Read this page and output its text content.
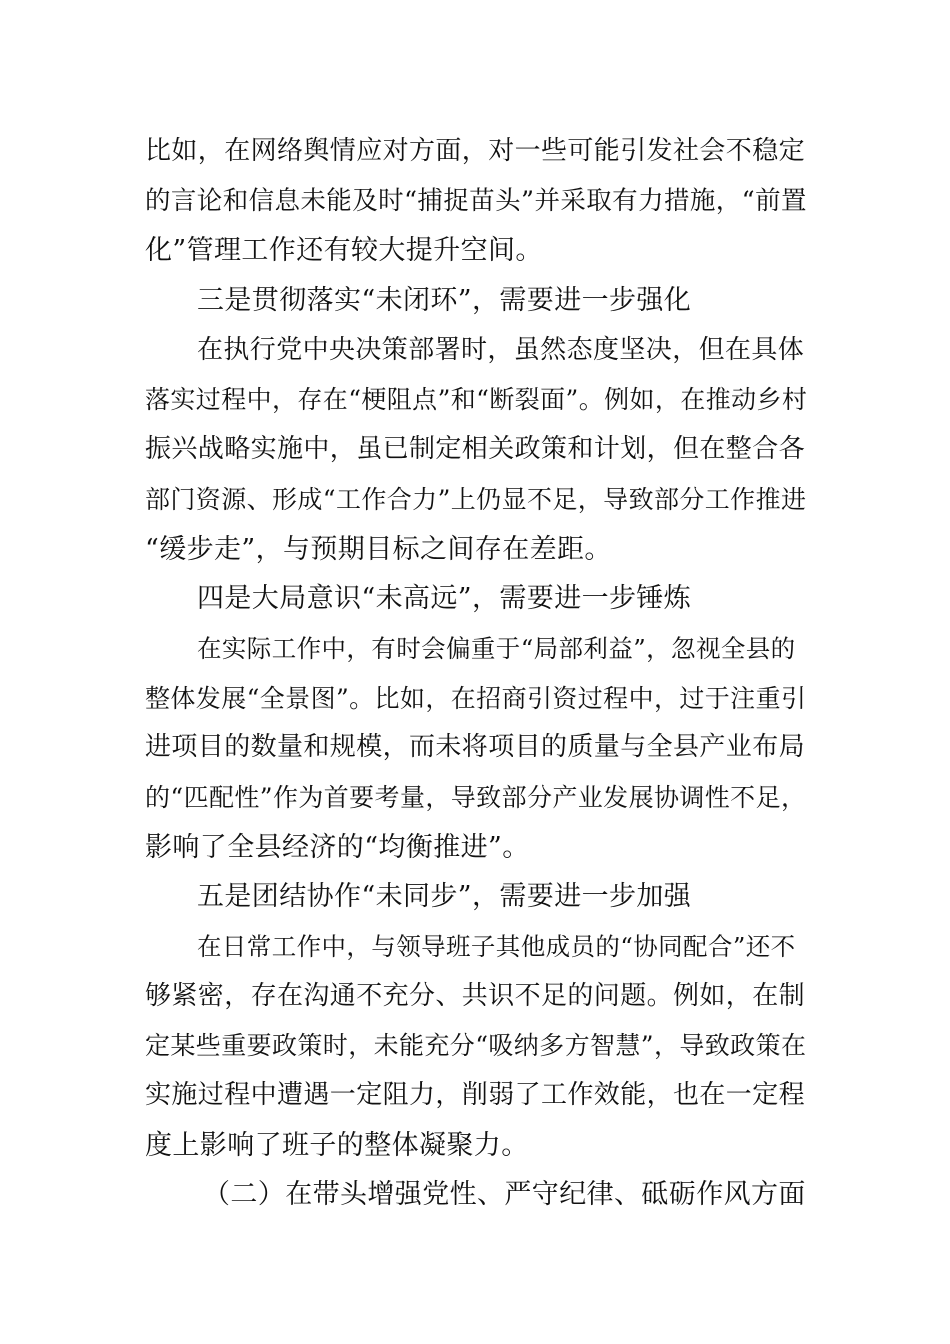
比如，在网络舆情应对方面，对一些可能引发社会不稳定
的言论和信息未能及时“捕捉苗头”并采取有力措施，“前置
化”管理工作还有较大提升空间。
三是贯彻落实“未闭环”，需要进一步强化
在执行党中央决策部署时，虽然态度坚决，但在具体
落实过程中，存在“梗阻点”和“断裂面”。例如，在推动乡村
振兴战略实施中，虽已制定相关政策和计划，但在整合各
部门资源、形成“工作合力”上仍显不足，导致部分工作推进
“缓步走”，与预期目标之间存在差距。
四是大局意识“未高远”，需要进一步锤炼
在实际工作中，有时会偏重于“局部利益”，忽视全县的
整体发展“全景图”。比如，在招商引资过程中，过于注重引
进项目的数量和规模，而未将项目的质量与全县产业布局
的“匹配性”作为首要考量，导致部分产业发展协调性不足，
影响了全县经济的“均衡推进”。
五是团结协作“未同步”，需要进一步加强
在日常工作中，与领导班子其他成员的“协同配合”还不
够紧密，存在沟通不充分、共识不足的问题。例如，在制
定某些重要政策时，未能充分“吸纳多方智慧”，导致政策在
实施过程中遭遇一定阻力，削弱了工作效能，也在一定程
度上影响了班子的整体凝聚力。
（二）在带头增强党性、严守纪律、砥砺作风方面
